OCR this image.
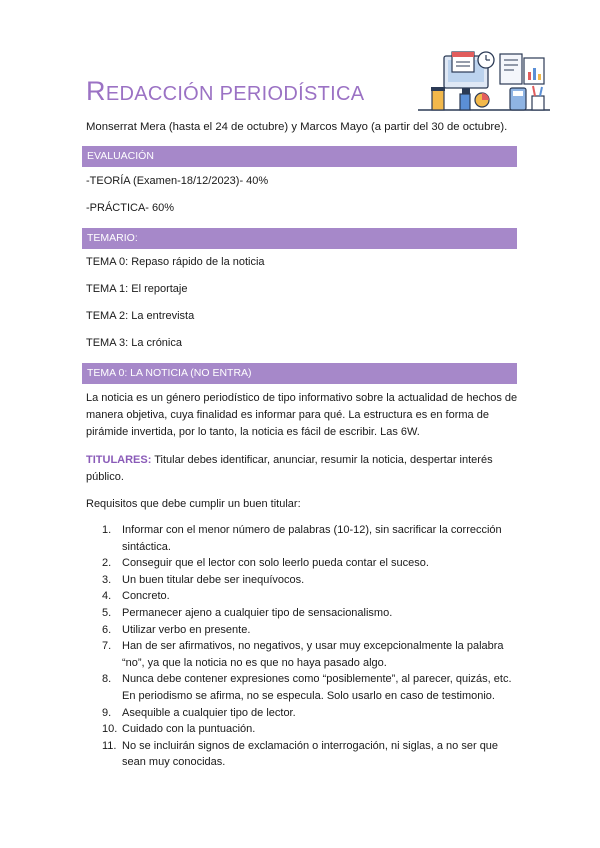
REDACCIÓN PERIODÍSTICA
Monserrat Mera (hasta el 24 de octubre) y Marcos Mayo (a partir del 30 de octubre).
EVALUACIÓN
-TEORÍA (Examen-18/12/2023)- 40%
-PRÁCTICA- 60%
TEMARIO:
TEMA 0: Repaso rápido de la noticia
TEMA 1: El reportaje
TEMA 2: La entrevista
TEMA 3: La crónica
TEMA 0: LA NOTICIA (NO ENTRA)
La noticia es un género periodístico de tipo informativo sobre la actualidad de hechos de manera objetiva, cuya finalidad es informar para qué. La estructura es en forma de pirámide invertida, por lo tanto, la noticia es fácil de escribir. Las 6W.
TITULARES: Titular debes identificar, anunciar, resumir la noticia, despertar interés público.
Requisitos que debe cumplir un buen titular:
1. Informar con el menor número de palabras (10-12), sin sacrificar la corrección sintáctica.
2. Conseguir que el lector con solo leerlo pueda contar el suceso.
3. Un buen titular debe ser inequívocos.
4. Concreto.
5. Permanecer ajeno a cualquier tipo de sensacionalismo.
6. Utilizar verbo en presente.
7. Han de ser afirmativos, no negativos, y usar muy excepcionalmente la palabra “no”, ya que la noticia no es que no haya pasado algo.
8. Nunca debe contener expresiones como “posiblemente”, al parecer, quizás, etc. En periodismo se afirma, no se especula. Solo usarlo en caso de testimonio.
9. Asequible a cualquier tipo de lector.
10. Cuidado con la puntuación.
11. No se incluirán signos de exclamación o interrogación, ni siglas, a no ser que sean muy conocidas.
